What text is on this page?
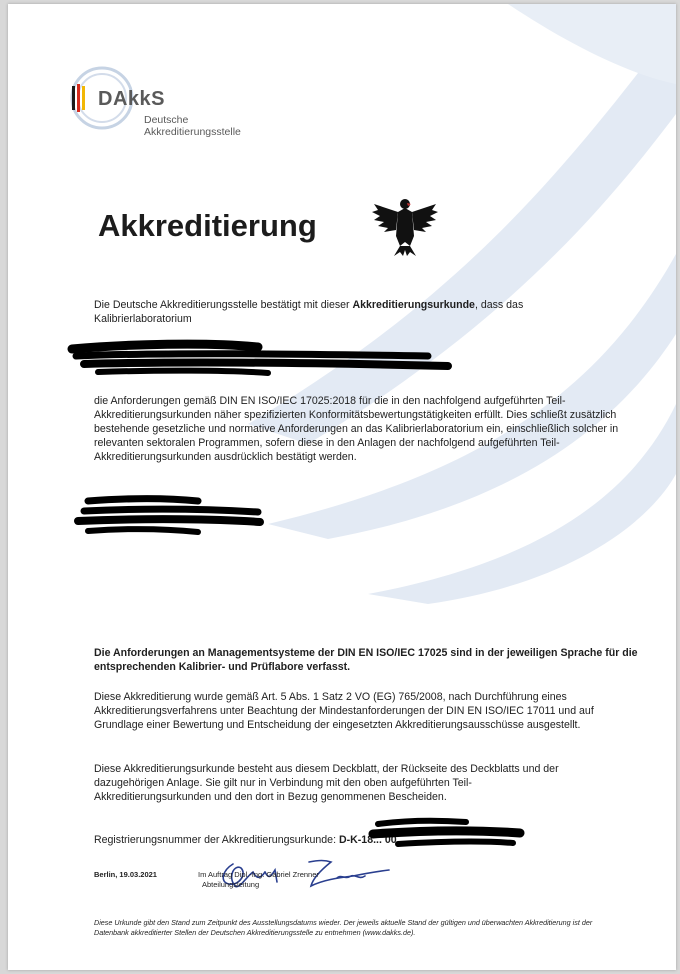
DAkkS
Deutsche
Akkreditierungsstelle
Akkreditierung
Die Deutsche Akkreditierungsstelle bestätigt mit dieser Akkreditierungsurkunde, dass das Kalibrierlaboratorium
die Anforderungen gemäß DIN EN ISO/IEC 17025:2018 für die in den nachfolgend aufgeführten Teil-Akkreditierungsurkunden näher spezifizierten Konformitätsbewertungstätigkeiten erfüllt. Dies schließt zusätzlich bestehende gesetzliche und normative Anforderungen an das Kalibrierlaboratorium ein, einschließlich solcher in relevanten sektoralen Programmen, sofern diese in den Anlagen der nachfolgend aufgeführten Teil-Akkreditierungsurkunden ausdrücklich bestätigt werden.
Die Anforderungen an Managementsysteme der DIN EN ISO/IEC 17025 sind in der jeweiligen Sprache für die entsprechenden Kalibrier- und Prüflabore verfasst.
Diese Akkreditierung wurde gemäß Art. 5 Abs. 1 Satz 2 VO (EG) 765/2008, nach Durchführung eines Akkreditierungsverfahrens unter Beachtung der Mindestanforderungen der DIN EN ISO/IEC 17011 und auf Grundlage einer Bewertung und Entscheidung der eingesetzten Akkreditierungsausschüsse ausgestellt.
Diese Akkreditierungsurkunde besteht aus diesem Deckblatt, der Rückseite des Deckblatts und der dazugehörigen Anlage. Sie gilt nur in Verbindung mit den oben aufgeführten Teil-Akkreditierungsurkunden und den dort in Bezug genommenen Bescheiden.
Registrierungsnummer der Akkreditierungsurkunde: D-K-18... 00
Berlin, 19.03.2021	Im Auftrag Dipl.-Ing. Gabriel Zrenner
Abteilungsleitung
Diese Urkunde gibt den Stand zum Zeitpunkt des Ausstellungsdatums wieder. Der jeweils aktuelle Stand der gültigen und überwachten Akkreditierung ist der Datenbank akkreditierter Stellen der Deutschen Akkreditierungsstelle zu entnehmen (www.dakks.de).
